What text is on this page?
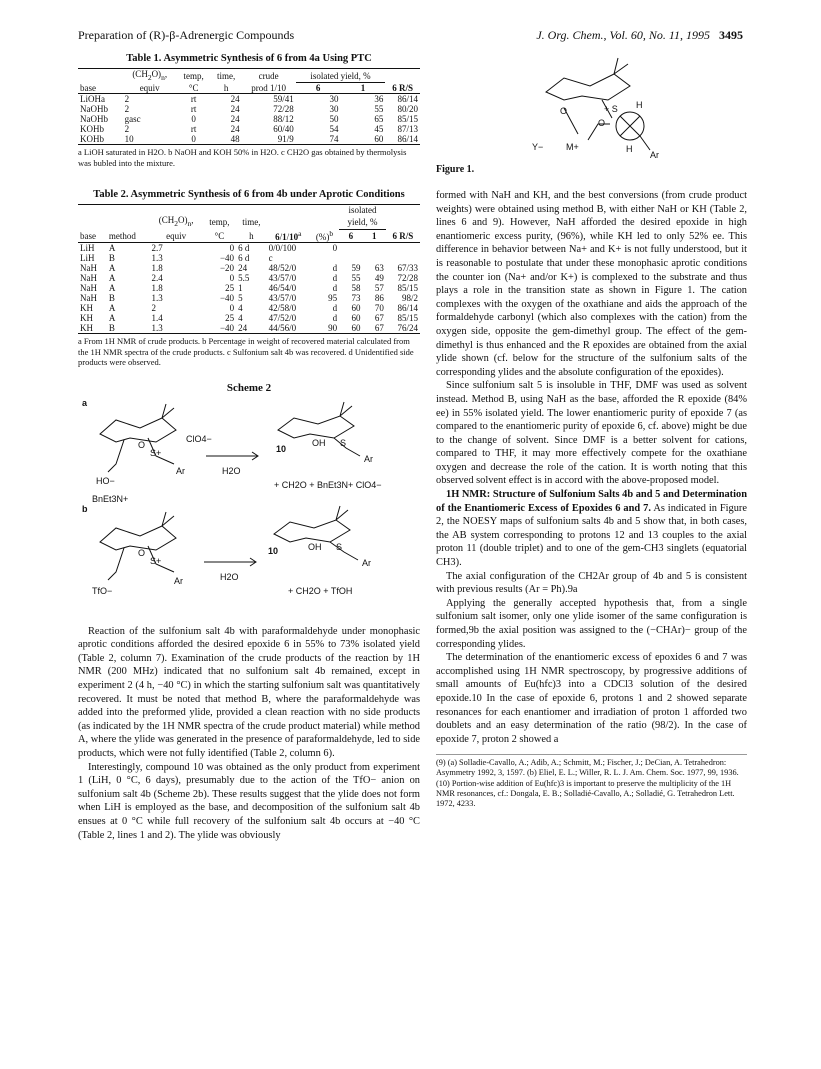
Preparation of (R)-β-Adrenergic Compounds	J. Org. Chem., Vol. 60, No. 11, 1995 3495
Table 1. Asymmetric Synthesis of 6 from 4a Using PTC
	$(CH_2O)_n$,	temp,	time,	crude	isolated yield, %		
base	equiv	°C	h	prod 1/10	6	1	6 R/S
LiOHa	2	rt	24	59/41	30	36	86/14
NaOHb	2	rt	24	72/28	30	55	80/20
NaOHb	gasc	0	24	88/12	50	65	85/15
KOHb	2	rt	24	60/40	54	45	87/13
KOHb	10	0	48	91/9	74	60	86/14
a LiOH saturated in H2O. b NaOH and KOH 50% in H2O. c CH2O gas obtained by thermolysis was bubled into the mixture.
Table 2. Asymmetric Synthesis of 6 from 4b under Aprotic Conditions
							isolated		
		$(CH_2O)_n$,	temp,	time,			yield, %		
base	method	equiv	°C	h	6/1/10$^a$	(%)$^b$	6	1	6 R/S
LiH	A	2.7	0	6 d	0/0/100	0			
LiH	B	1.3	−40	6 d	c				
NaH	A	1.8	−20	24	48/52/0	d	59	63	67/33
NaH	A	2.4	0	5.5	43/57/0	d	55	49	72/28
NaH	A	1.8	25	1	46/54/0	d	58	57	85/15
NaH	B	1.3	−40	5	43/57/0	95	73	86	98/2
KH	A	2	0	4	42/58/0	d	60	70	86/14
KH	A	1.4	25	4	47/52/0	d	60	67	85/15
KH	B	1.3	−40	24	44/56/0	90	60	67	76/24
a From 1H NMR of crude products. b Percentage in weight of recovered material calculated from the 1H NMR spectra of the crude products. c Sulfonium salt 4b was recovered. d Unidentified side products were observed.
Scheme 2
a
O
S+
ClO4−
Ar
HO−
BnEt3N+
H2O
10
OH S
Ar
+ CH2O + BnEt3N+ ClO4−
b
O
S+
Ar
TfO−
H2O
10	OH S
Ar
+ CH2O + TfOH

Reaction of the sulfonium salt 4b with paraformaldehyde under monophasic aprotic conditions afforded the desired epoxide 6 in 55% to 73% isolated yield (Table 2, column 7). Examination of the crude products of the reaction by 1H NMR (200 MHz) indicated that no sulfonium salt 4b remained, except in experiment 2 (4 h, −40 °C) in which the starting sulfonium salt was quantitatively recovered. It must be noted that method B, where the paraformaldehyde was added into the preformed ylide, provided a clean reaction with no side products (as indicated by the 1H NMR spectra of the crude product material) while method A, where the ylide was generated in the presence of paraformaldehyde, led to side products, which were not fully identified (Table 2, column 6).

Interestingly, compound 10 was obtained as the only product from experiment 1 (LiH, 0 °C, 6 days), presumably due to the action of the TfO− anion on sulfonium salt 4b (Scheme 2b). These results suggest that the ylide does not form when LiH is employed as the base, and decomposition of the sulfonium salt 4b ensues at 0 °C while full recovery of the sulfonium salt 4b occurs at −40 °C (Table 2, lines 1 and 2). The ylide was obviously

O	+ S H
O
Y−	M+	H
Ar
Figure 1.

formed with NaH and KH, and the best conversions (from crude product weights) were obtained using method B, with either NaH or KH (Table 2, lines 6 and 9). However, NaH afforded the desired epoxide in high enantiomeric excess purity, (96%), while KH led to only 52% ee. This difference in behavior between Na+ and K+ is not fully understood, but it is reasonable to postulate that under these monophasic aprotic conditions the counter ion (Na+ and/or K+) is complexed to the substrate and thus plays a role in the transition state as shown in Figure 1. The cation complexes with the oxygen of the oxathiane and aids the approach of the formaldehyde carbonyl (which also complexes with the cation) from the oxygen side, opposite the gem-dimethyl group. The effect of the gem-dimethyl is thus enhanced and the R epoxides are obtained from the axial ylide shown (cf. below for the structure of the sulfonium salts of the corresponding ylides and the absolute configuration of the epoxides).

Since sulfonium salt 5 is insoluble in THF, DMF was used as solvent instead. Method B, using NaH as the base, afforded the R epoxide (84% ee) in 55% isolated yield. The lower enantiomeric purity of epoxide 7 (as compared to the enantiomeric purity of epoxide 6, cf. above) might be due to the change of solvent. Since DMF is a better solvent for cations, compared to THF, it may more effectively compete for the oxathiane oxygen and decrease the role of the cation. It is worth noting that this observed solvent effect is in accord with the above-proposed model.

1H NMR: Structure of Sulfonium Salts 4b and 5 and Determination of the Enantiomeric Excess of Epoxides 6 and 7. As indicated in Figure 2, the NOESY maps of sulfonium salts 4b and 5 show that, in both cases, the AB system corresponding to protons 12 and 13 couples to the axial proton 11 (double triplet) and to one of the gem-CH3 singlets (equatorial CH3).

The axial configuration of the CH2Ar group of 4b and 5 is consistent with previous results (Ar = Ph).9a

Applying the generally accepted hypothesis that, from a single sulfonium salt isomer, only one ylide isomer of the same configuration is formed,9b the axial position was assigned to the (−CHAr)− group of the corresponding ylides.

The determination of the enantiomeric excess of epoxides 6 and 7 was accomplished using 1H NMR spectroscopy, by progressive additions of small amounts of Eu(hfc)3 into a CDCl3 solution of the desired epoxide.10 In the case of epoxide 6, protons 1 and 2 showed separate resonances for each enantiomer and irradiation of proton 1 afforded two doublets and an easy determination of the ratio (98/2). In the case of epoxide 7, proton 2 showed a

(9) (a) Solladie-Cavallo, A.; Adib, A.; Schmitt, M.; Fischer, J.; DeCian, A. Tetrahedron: Asymmetry 1992, 3, 1597. (b) Eliel, E. L.; Willer, R. L. J. Am. Chem. Soc. 1977, 99, 1936.

(10) Portion-wise addition of Eu(hfc)3 is important to preserve the multiplicity of the 1H NMR resonances, cf.: Dongala, E. B.; Solladié-Cavallo, A.; Solladié, G. Tetrahedron Lett. 1972, 4233.
